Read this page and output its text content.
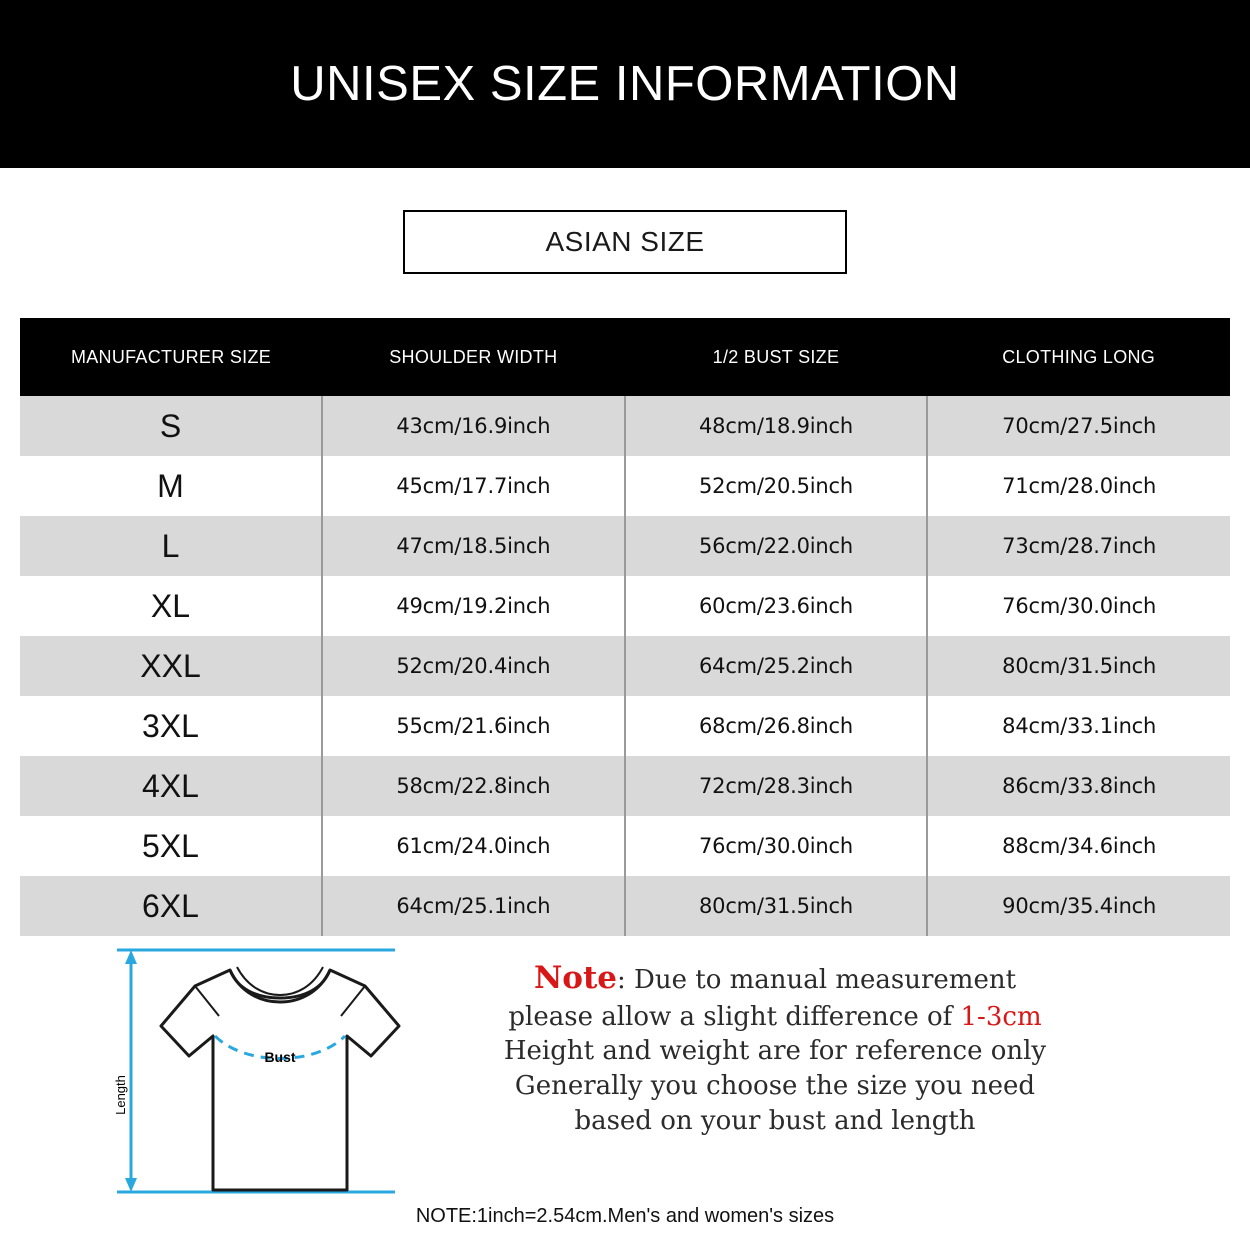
UNISEX SIZE INFORMATION
ASIAN SIZE
MANUFACTURER SIZE	SHOULDER WIDTH	1/2 BUST SIZE	CLOTHING LONG
S	43cm/16.9inch	48cm/18.9inch	70cm/27.5inch
M	45cm/17.7inch	52cm/20.5inch	71cm/28.0inch
L	47cm/18.5inch	56cm/22.0inch	73cm/28.7inch
XL	49cm/19.2inch	60cm/23.6inch	76cm/30.0inch
XXL	52cm/20.4inch	64cm/25.2inch	80cm/31.5inch
3XL	55cm/21.6inch	68cm/26.8inch	84cm/33.1inch
4XL	58cm/22.8inch	72cm/28.3inch	86cm/33.8inch
5XL	61cm/24.0inch	76cm/30.0inch	88cm/34.6inch
6XL	64cm/25.1inch	80cm/31.5inch	90cm/35.4inch
Length
Bust
Note: Due to manual measurement
please allow a slight difference of 1-3cm
Height and weight are for reference only
Generally you choose the size you need
based on your bust and length
NOTE:1inch=2.54cm.Men's and women's sizes
